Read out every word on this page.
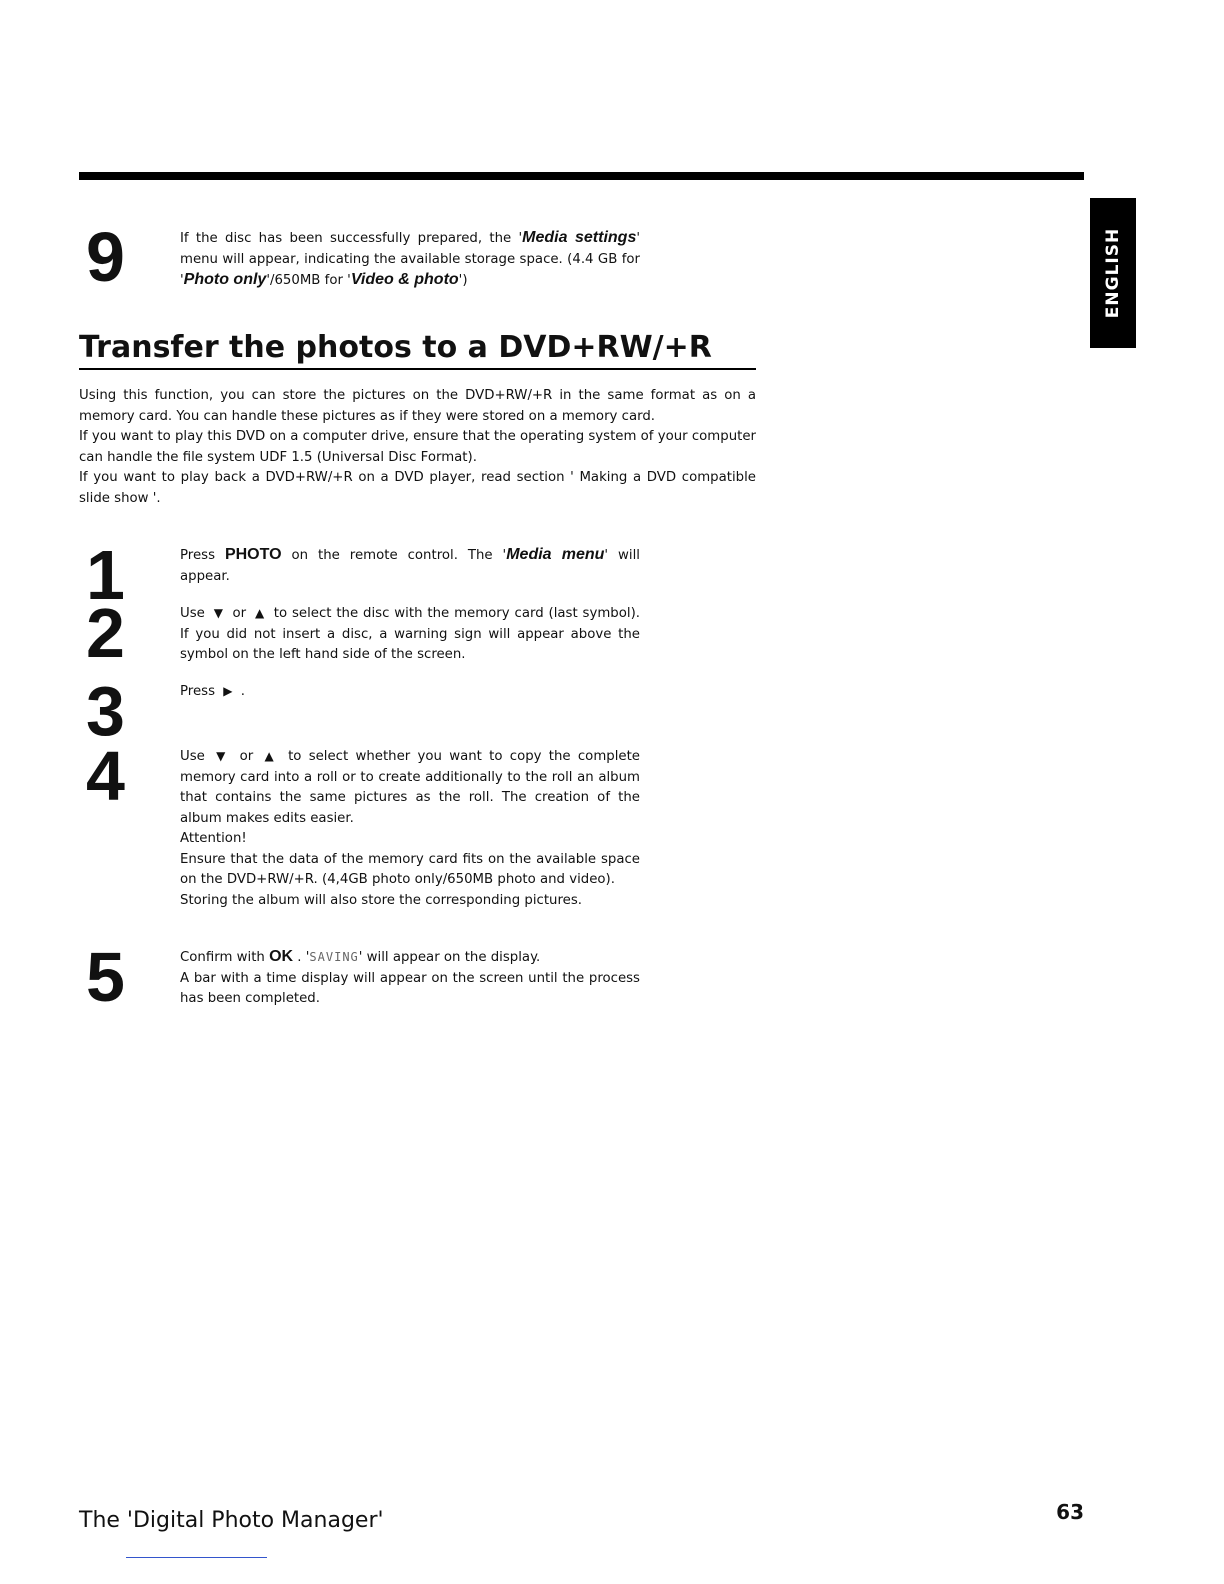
ENGLISH
9	If the disc has been successfully prepared, the 'Media settings' menu will appear, indicating the available storage space. (4.4 GB for 'Photo only'/650MB for 'Video & photo')

Transfer the photos to a DVD+RW/+R

Using this function, you can store the pictures on the DVD+RW/+R in the same format as on a memory card. You can handle these pictures as if they were stored on a memory card.

If you want to play this DVD on a computer drive, ensure that the operating system of your computer can handle the file system UDF 1.5 (Universal Disc Format).

If you want to play back a DVD+RW/+R on a DVD player, read section ' Making a DVD compatible slide show '.

1	Press PHOTO on the remote control. The 'Media menu' will appear.

2	Use ▼ or ▲ to select the disc with the memory card (last symbol). If you did not insert a disc, a warning sign will appear above the symbol on the left hand side of the screen.

3	Press ▶ .

4	Use ▼ or ▲ to select whether you want to copy the complete memory card into a roll or to create additionally to the roll an album that contains the same pictures as the roll. The creation of the album makes edits easier.

Attention!

Ensure that the data of the memory card fits on the available space on the DVD+RW/+R. (4,4GB photo only/650MB photo and video).

Storing the album will also store the corresponding pictures.

5	Confirm with OK . 'SAVING' will appear on the display.

A bar with a time display will appear on the screen until the process has been completed.

The 'Digital Photo Manager'	63
